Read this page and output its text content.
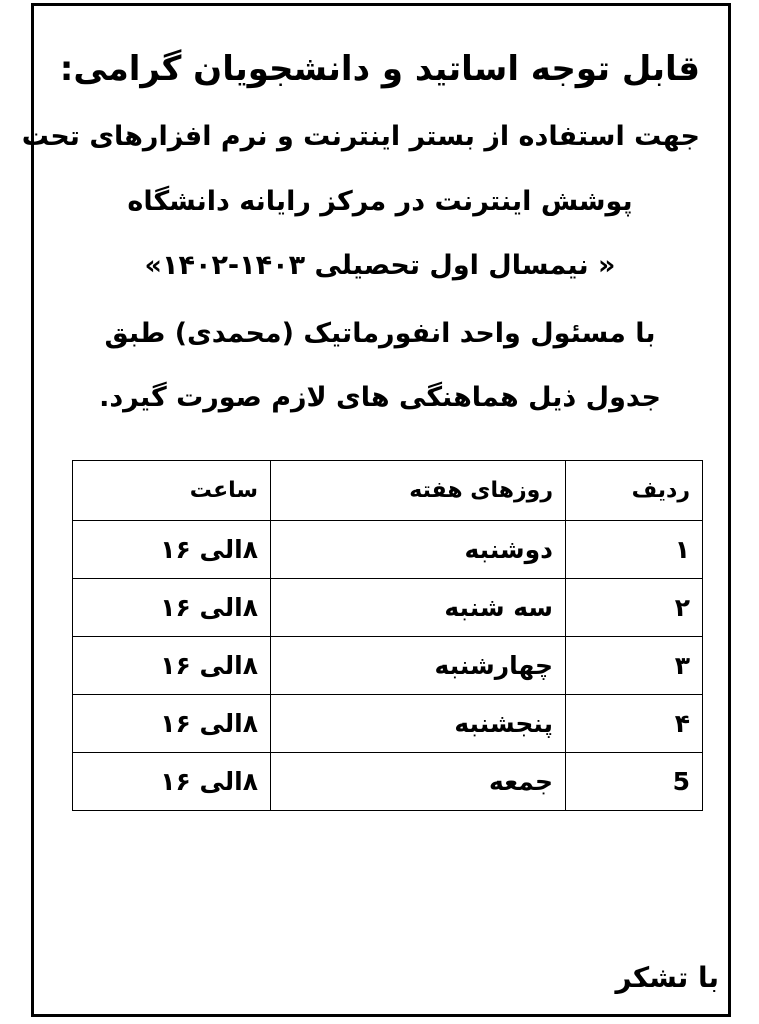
قابل توجه اساتید و دانشجویان گرامی:
جهت استفاده از بستر اینترنت و نرم افزارهای تحت
پوشش اینترنت در مرکز رایانه دانشگاه
« نیمسال اول تحصیلی ۱۴۰۳-۱۴۰۲»
با مسئول واحد انفورماتیک (محمدی) طبق
جدول ذیل هماهنگی های لازم صورت گیرد.
ردیف	روزهای هفته	ساعت
۱	دوشنبه	۸الی ۱۶
۲	سه شنبه	۸الی ۱۶
۳	چهارشنبه	۸الی ۱۶
۴	پنجشنبه	۸الی ۱۶
5	جمعه	۸الی ۱۶
با تشکر
